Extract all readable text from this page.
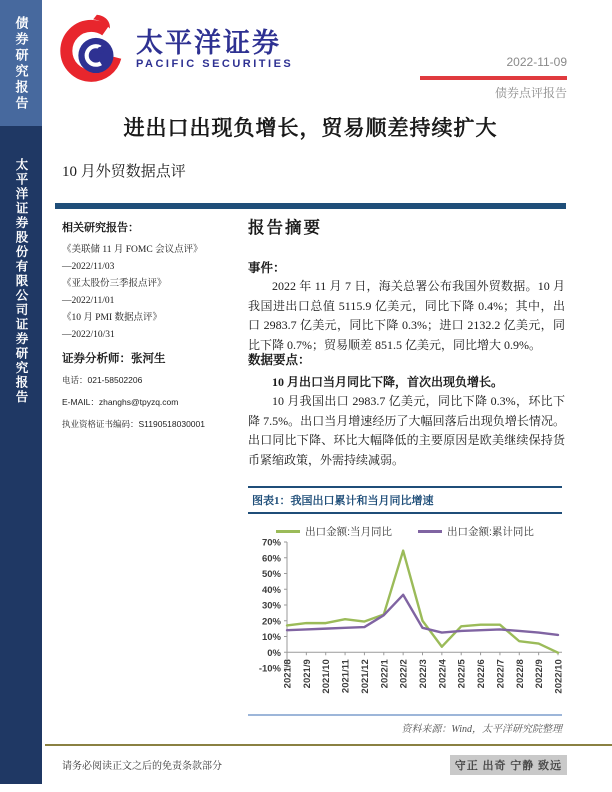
债券研究报告
太平洋证券股份有限公司证券研究报告
太平洋证券
PACIFIC SECURITIES	2022-11-09
债券点评报告
进出口出现负增长，贸易顺差持续扩大
10 月外贸数据点评
相关研究报告：
《美联储 11 月 FOMC 会议点评》
—2022/11/03
《亚太股份三季报点评》
—2022/11/01
《10 月 PMI 数据点评》
—2022/10/31
证券分析师：张河生
电话：021-58502206
E-MAIL：zhanghs@tpyzq.com
执业资格证书编码：S1190518030001
报告摘要
事件：
2022 年 11 月 7 日，海关总署公布我国外贸数据。10 月我国进出口总值 5115.9 亿美元，同比下降 0.4%；其中，出口 2983.7 亿美元，同比下降 0.3%；进口 2132.2 亿美元，同比下降 0.7%；贸易顺差 851.5 亿美元，同比增大 0.9%。
数据要点：
10 月出口当月同比下降，首次出现负增长。
10 月我国出口 2983.7 亿美元，同比下降 0.3%，环比下降 7.5%。出口当月增速经历了大幅回落后出现负增长情况。出口同比下降、环比大幅降低的主要原因是欧美继续保持货币紧缩政策，外需持续减弱。
图表1：我国出口累计和当月同比增速
出口金额:当月同比	出口金额:累计同比
-10%
0%
10%
20%
30%
40%
50%
60%
70%
2021/8 2021/9 2021/10 2021/11 2021/12 2022/1 2022/2 2022/3 2022/4 2022/5 2022/6 2022/7 2022/8 2022/9 2022/10
资料来源：Wind，太平洋研究院整理
请务必阅读正文之后的免责条款部分	守正 出奇 宁静 致远
